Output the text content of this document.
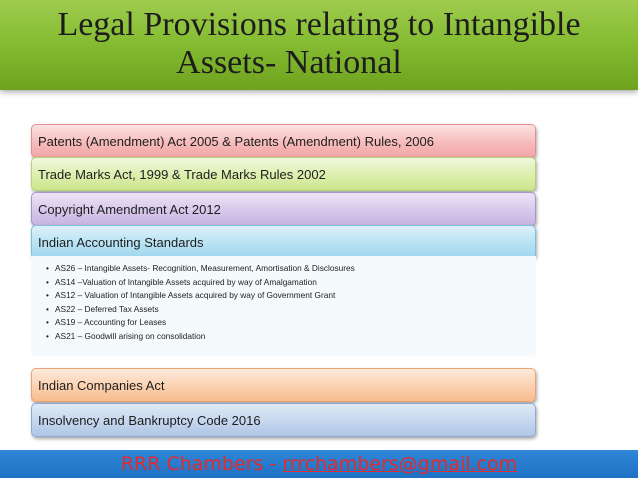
Legal Provisions relating to Intangible
Assets- National
Patents (Amendment) Act 2005 & Patents (Amendment) Rules, 2006
Trade Marks Act, 1999 & Trade Marks Rules 2002
Copyright Amendment Act 2012
Indian Accounting Standards
• AS26 – Intangible Assets- Recognition, Measurement, Amortisation & Disclosures
• AS14 –Valuation of Intangible Assets acquired by way of Amalgamation
• AS12 – Valuation of Intangible Assets acquired by way of Government Grant
• AS22 – Deferred Tax Assets
• AS19 – Accounting for Leases
• AS21 – Goodwill arising on consolidation
Indian Companies Act
Insolvency and Bankruptcy Code 2016
RRR Chambers - rrrchambers@gmail.com
